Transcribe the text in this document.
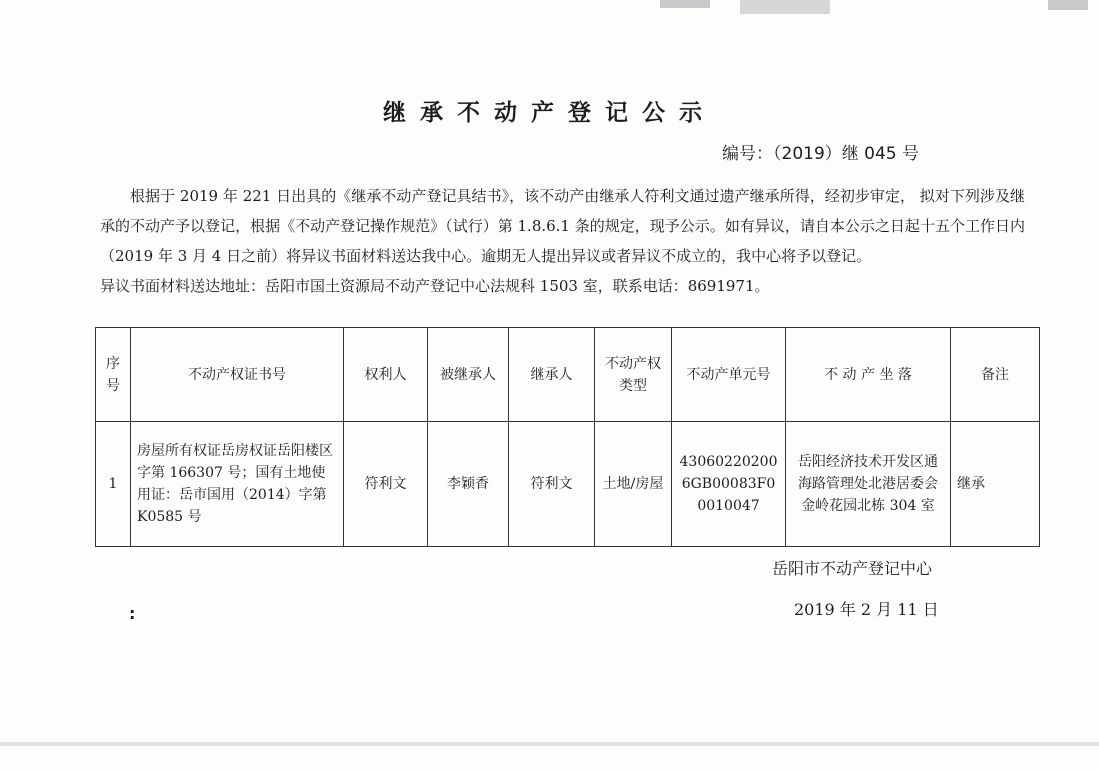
继承不动产登记公示
编号：（2019）继 045 号
根据于 2019 年 221 日出具的《继承不动产登记具结书》，该不动产由继承人符利文通过遗产继承所得，经初步审定， 拟对下列涉及继承的不动产予以登记，根据《不动产登记操作规范》（试行）第 1.8.6.1 条的规定，现予公示。如有异议，请自本公示之日起十五个工作日内（2019 年 3 月 4 日之前）将异议书面材料送达我中心。逾期无人提出异议或者异议不成立的，我中心将予以登记。
异议书面材料送达地址：岳阳市国土资源局不动产登记中心法规科 1503 室，联系电话：8691971。
序号	不动产权证书号	权利人	被继承人	继承人	不动产权类型	不动产单元号	不 动 产 坐 落	备注
1	房屋所有权证岳房权证岳阳楼区字第 166307 号；国有土地使用证：岳市国用（2014）字第 K0585 号	符利文	李颖香	符利文	土地/房屋	430602202006GB00083F00010047	岳阳经济技术开发区通海路管理处北港居委会金岭花园北栋 304 室	继承
岳阳市不动产登记中心
2019 年 2 月 11 日
:
